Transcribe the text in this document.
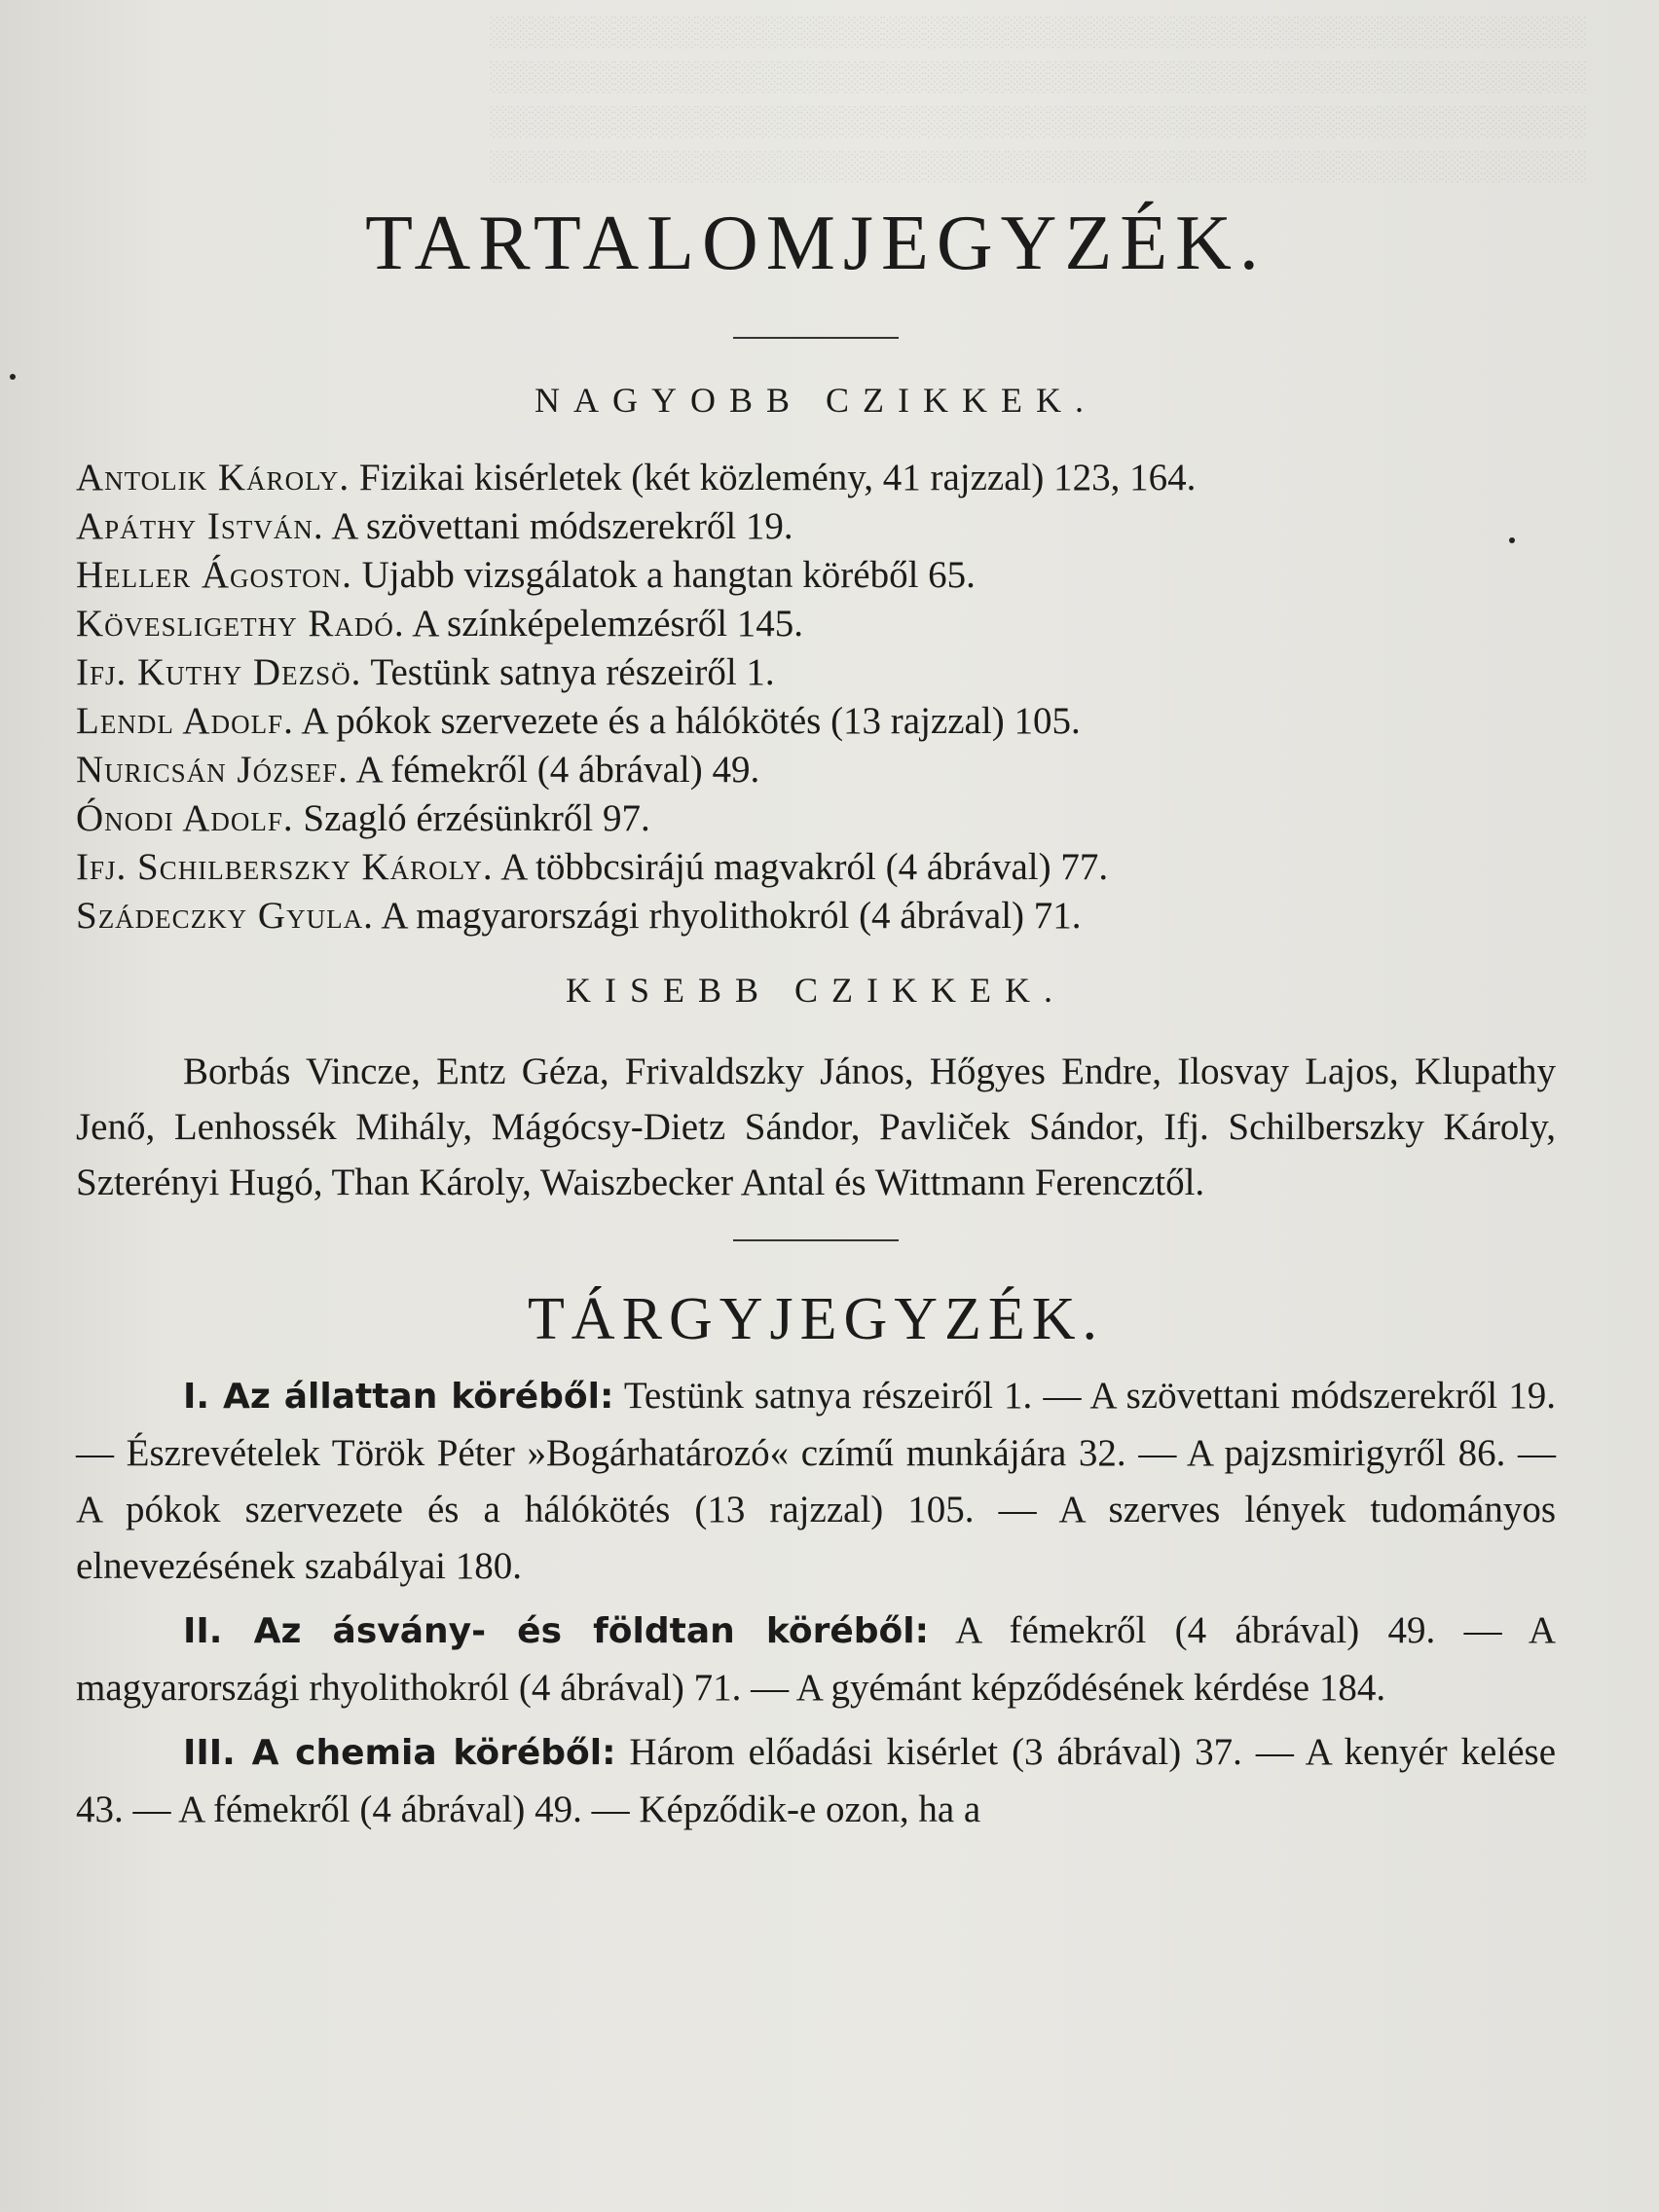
░░░░░░░░░░░░░░░░░░░░░░░░░░░░░░░░░░░░░░░░░░░░░░░░░░░░░
░░░░░░░░░░░░░░░░░░░░░░░░░░░░░░░░░░░░░░░░░░░░░░░░░░░░░
░░░░░░░░░░░░░░░░░░░░░░░░░░░░░░░░░░░░░░░░░░░░░░░░░░░░░
░░░░░░░░░░░░░░░░░░░░░░░░░░░░░░░░░░░░░░░░░░░░░░░░░░░░░
TARTALOMJEGYZÉK.
NAGYOBB CZIKKEK.
Antolik Károly. Fizikai kisérletek (két közlemény, 41 rajzzal) 123, 164.
Apáthy István. A szövettani módszerekről 19.
Heller Ágoston. Ujabb vizsgálatok a hangtan köréből 65.
Kövesligethy Radó. A színképelemzésről 145.
Ifj. Kuthy Dezsö. Testünk satnya részeiről 1.
Lendl Adolf. A pókok szervezete és a hálókötés (13 rajzzal) 105.
Nuricsán József. A fémekről (4 ábrával) 49.
Ónodi Adolf. Szagló érzésünkről 97.
Ifj. Schilberszky Károly. A többcsirájú magvakról (4 ábrával) 77.
Szádeczky Gyula. A magyarországi rhyolithokról (4 ábrával) 71.
KISEBB CZIKKEK.

Borbás Vincze, Entz Géza, Frivaldszky János, Hőgyes Endre, Ilosvay Lajos, Klupathy Jenő, Lenhossék Mihály, Mágócsy-Dietz Sándor, Pavliček Sándor, Ifj. Schilberszky Károly, Szterényi Hugó, Than Károly, Waiszbecker Antal és Wittmann Ferencztől.

TÁRGYJEGYZÉK.

I. Az állattan köréből: Testünk satnya részeiről 1. — A szövettani módszerekről 19. — Észrevételek Török Péter »Bogárhatározó« czímű munkájára 32. — A pajzsmirigyről 86. — A pókok szervezete és a hálókötés (13 rajzzal) 105. — A szerves lények tudományos elnevezésének szabályai 180.

II. Az ásvány- és földtan köréből: A fémekről (4 ábrával) 49. — A magyarországi rhyolithokról (4 ábrával) 71. — A gyémánt képződésének kérdése 184.

III. A chemia köréből: Három előadási kisérlet (3 ábrával) 37. — A kenyér kelése 43. — A fémekről (4 ábrával) 49. — Képződik-e ozon, ha a
